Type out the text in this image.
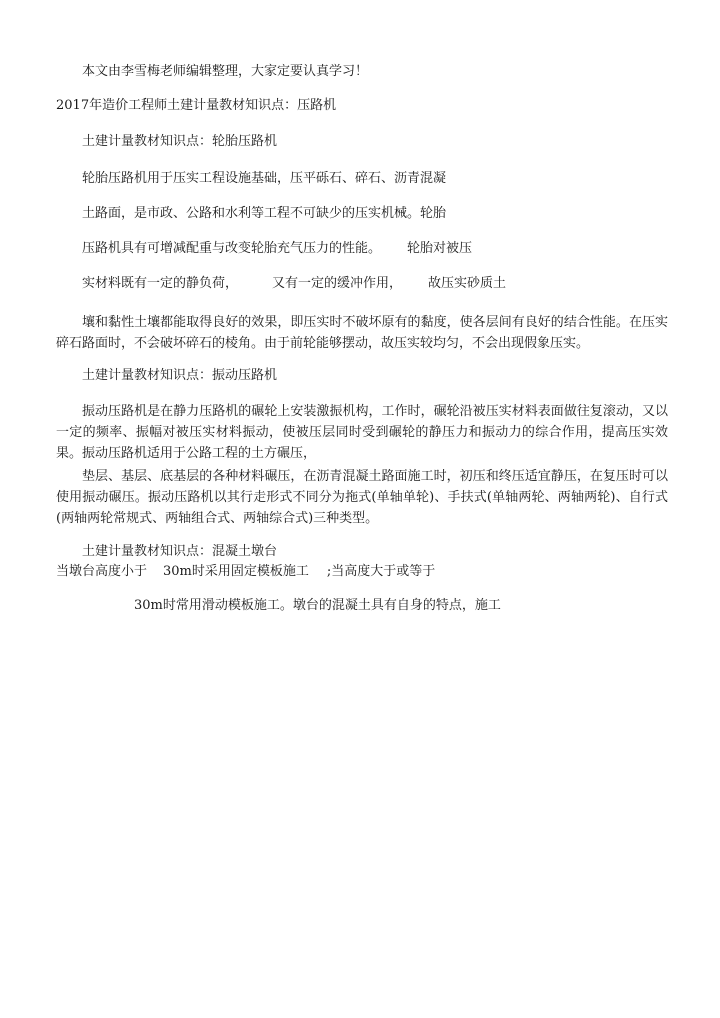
本文由李雪梅老师编辑整理，大家定要认真学习！
2017年造价工程师土建计量教材知识点：压路机
土建计量教材知识点：轮胎压路机
轮胎压路机用于压实工程设施基础，压平砾石、碎石、沥青混凝
土路面，是市政、公路和水利等工程不可缺少的压实机械。轮胎
压路机具有可增减配重与改变轮胎充气压力的性能。 轮胎对被压
实材料既有一定的静负荷，	又有一定的缓冲作用， 故压实砂质土
壤和黏性土壤都能取得良好的效果，即压实时不破坏原有的黏度，使各层间有良好的结合性能。在压实碎石路面时，不会破坏碎石的棱角。由于前轮能够摆动，故压实较均匀，不会出现假象压实。
土建计量教材知识点：振动压路机
振动压路机是在静力压路机的碾轮上安装激振机构，工作时，碾轮沿被压实材料表面做往复滚动，又以一定的频率、振幅对被压实材料振动，使被压层同时受到碾轮的静压力和振动力的综合作用，提高压实效果。振动压路机适用于公路工程的土方碾压，
垫层、基层、底基层的各种材料碾压，在沥青混凝土路面施工时，初压和终压适宜静压，在复压时可以使用振动碾压。振动压路机以其行走形式不同分为拖式(单轴单轮)、手扶式(单轴两轮、两轴两轮)、自行式(两轴两轮常规式、两轴组合式、两轴综合式)三种类型。
土建计量教材知识点：混凝土墩台
当墩台高度小于 30m时采用固定模板施工 ;当高度大于或等于
30m时常用滑动模板施工。墩台的混凝土具有自身的特点，施工
